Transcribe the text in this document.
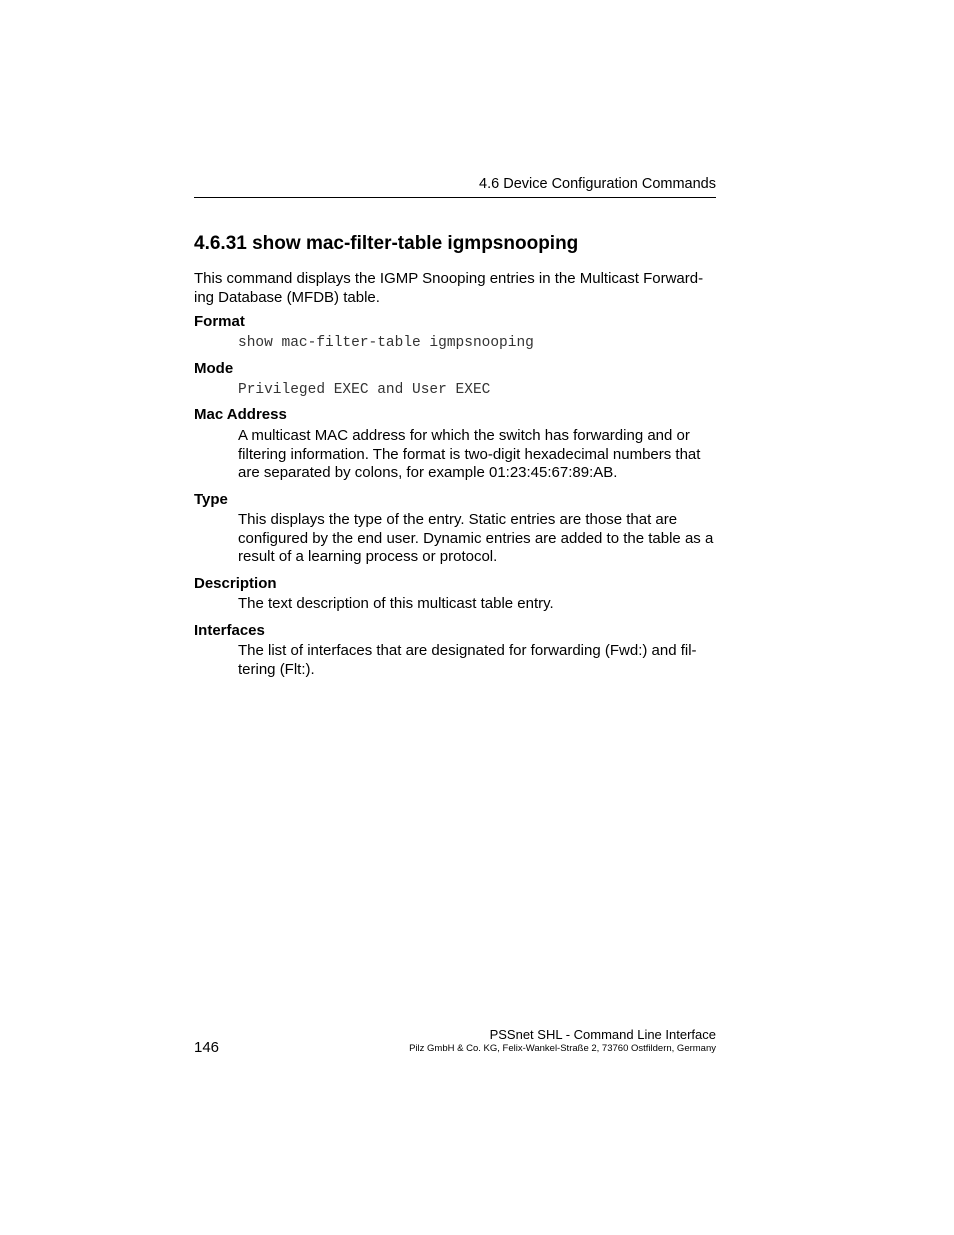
4.6 Device Configuration Commands
4.6.31 show mac-filter-table igmpsnooping

This command displays the IGMP Snooping entries in the Multicast Forward-ing Database (MFDB) table.

Format
show mac-filter-table igmpsnooping
Mode
Privileged EXEC and User EXEC
Mac Address

A multicast MAC address for which the switch has forwarding and or filtering information. The format is two-digit hexadecimal numbers that are separated by colons, for example 01:23:45:67:89:AB.

Type

This displays the type of the entry. Static entries are those that are configured by the end user. Dynamic entries are added to the table as a result of a learning process or protocol.

Description

The text description of this multicast table entry.

Interfaces

The list of interfaces that are designated for forwarding (Fwd:) and fil-tering (Flt:).

PSSnet SHL - Command Line Interface
Pilz GmbH & Co. KG, Felix-Wankel-Straße 2, 73760 Ostfildern, Germany
146
